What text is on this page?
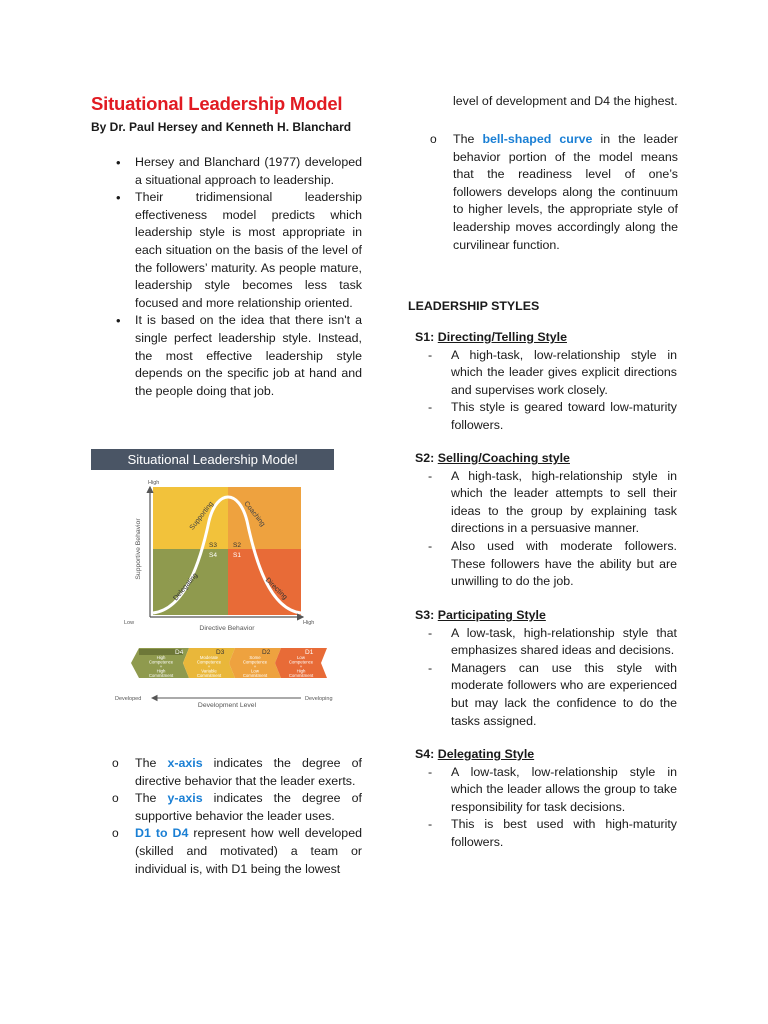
Situational Leadership Model
By Dr. Paul Hersey and Kenneth H. Blanchard
• Hersey and Blanchard (1977) developed a situational approach to leadership.
• Their tridimensional leadership effectiveness model predicts which leadership style is most appropriate in each situation on the basis of the level of the followers’ maturity. As people mature, leadership style becomes less task focused and more relationship oriented.
• It is based on the idea that there isn't a single perfect leadership style. Instead, the most effective leadership style depends on the specific job at hand and the people doing that job.
Situational Leadership Model
High
Supportive Behavior
Low	High
Directive Behavior
Supporting	Coaching
Delegating	Directing
S3 S2
S4 S1
D4	D3	D2	D1
High
Competence
+
High
Commitment
Moderate
Competence
+
Variable
Commitment
Some
Competence
+
Low
Commitment
Low
Competence
+
High
Commitment
Developed	Developing
Development Level
o The x-axis indicates the degree of directive behavior that the leader exerts.
o The y-axis indicates the degree of supportive behavior the leader uses.
o D1 to D4 represent how well developed (skilled and motivated) a team or individual is, with D1 being the lowest
level of development and D4 the highest.
o The bell-shaped curve in the leader behavior portion of the model means that the readiness level of one’s followers develops along the continuum to higher levels, the appropriate style of leadership moves accordingly along the curvilinear function.
LEADERSHIP STYLES
S1: Directing/Telling Style
- A high-task, low-relationship style in which the leader gives explicit directions and supervises work closely.
- This style is geared toward low-maturity followers.
S2: Selling/Coaching style
- A high-task, high-relationship style in which the leader attempts to sell their ideas to the group by explaining task directions in a persuasive manner.
- Also used with moderate followers. These followers have the ability but are unwilling to do the job.
S3: Participating Style
- A low-task, high-relationship style that emphasizes shared ideas and decisions.
- Managers can use this style with moderate followers who are experienced but may lack the confidence to do the tasks assigned.
S4: Delegating Style
- A low-task, low-relationship style in which the leader allows the group to take responsibility for task decisions.
- This is best used with high-maturity followers.
